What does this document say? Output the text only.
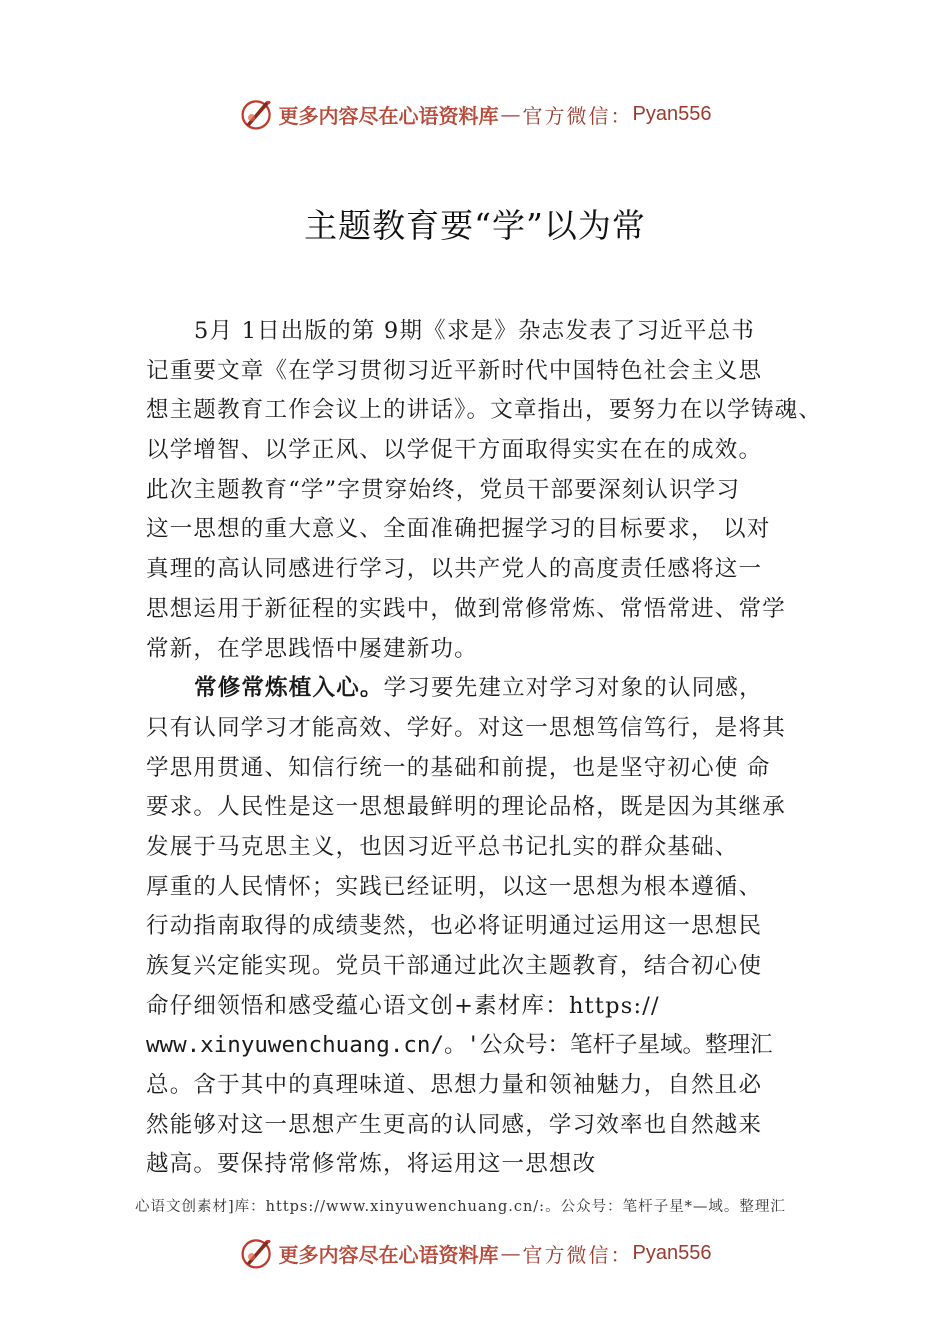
更多内容尽在心语资料库 — 官方微信： Pyan556
主题教育要“学”以为常
5月 1日出版的第 9期《求是》杂志发表了习近平总书
记重要文章《在学习贯彻习近平新时代中国特色社会主义思
想主题教育工作会议上的讲话》。文章指出，要努力在以学铸魂、
以学增智、以学正风、以学促干方面取得实实在在的成效。
此次主题教育“学”字贯穿始终，党员干部要深刻认识学习
这一思想的重大意义、全面准确把握学习的目标要求， 以对
真理的高认同感进行学习，以共产党人的高度责任感将这一
思想运用于新征程的实践中，做到常修常炼、常悟常进、常学
常新，在学思践悟中屡建新功。
常修常炼植入心。学习要先建立对学习对象的认同感，
只有认同学习才能高效、学好。对这一思想笃信笃行，是将其
学思用贯通、知信行统一的基础和前提，也是坚守初心使 命
要求。人民性是这一思想最鲜明的理论品格，既是因为其继承
发展于马克思主义，也因习近平总书记扎实的群众基础、
厚重的人民情怀；实践已经证明，以这一思想为根本遵循、
行动指南取得的成绩斐然，也必将证明通过运用这一思想民
族复兴定能实现。党员干部通过此次主题教育，结合初心使
命仔细领悟和感受蕴心语文创+素材库：https://
www.xinyuwenchuang.cn/。'公众号：笔杆子星域。整理汇
总。含于其中的真理味道、思想力量和领袖魅力，自然且必
然能够对这一思想产生更高的认同感，学习效率也自然越来
越高。要保持常修常炼，将运用这一思想改
心语文创素材]库：https://www.xinyuwenchuang.cn/:。公众号：笔杆子星*—域。整理汇
更多内容尽在心语资料库 — 官方微信： Pyan556
